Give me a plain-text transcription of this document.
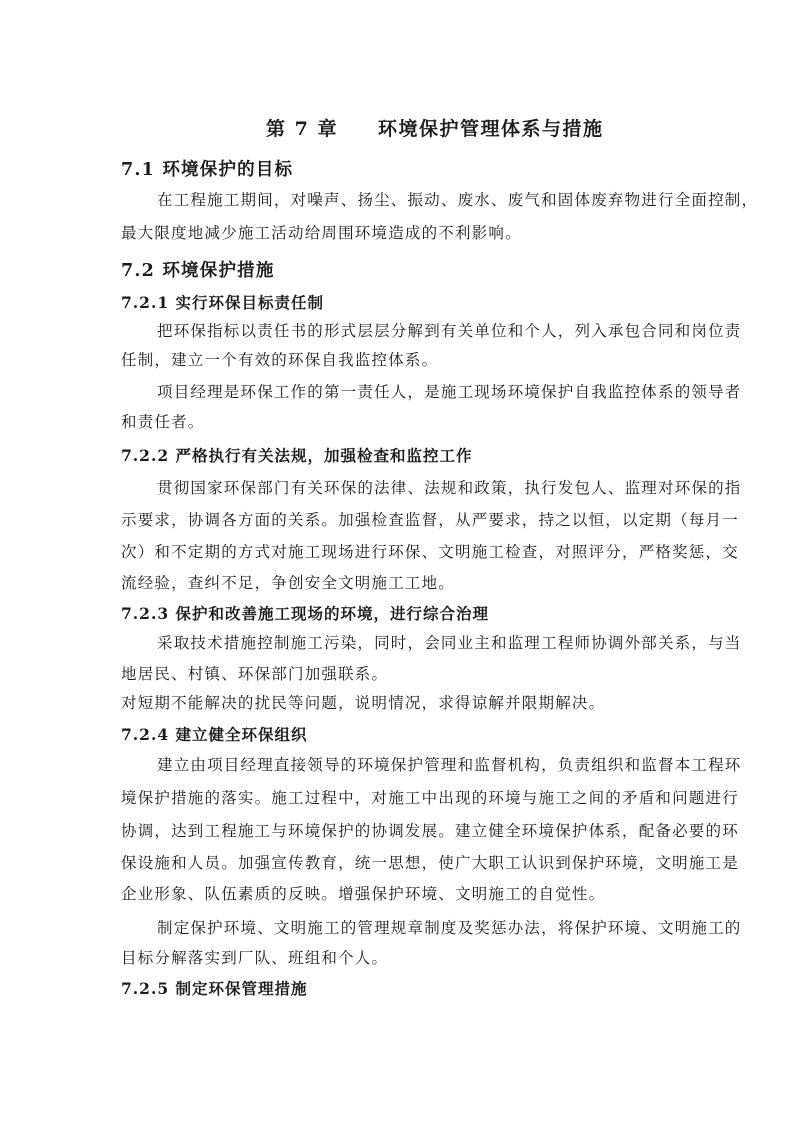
第 7 章 环境保护管理体系与措施
7.1 环境保护的目标
在工程施工期间，对噪声、扬尘、振动、废水、废气和固体废弃物进行全面控制，
最大限度地减少施工活动给周围环境造成的不利影响。
7.2 环境保护措施
7.2.1 实行环保目标责任制
把环保指标以责任书的形式层层分解到有关单位和个人，列入承包合同和岗位责
任制，建立一个有效的环保自我监控体系。
项目经理是环保工作的第一责任人，是施工现场环境保护自我监控体系的领导者
和责任者。
7.2.2 严格执行有关法规，加强检查和监控工作
贯彻国家环保部门有关环保的法律、法规和政策，执行发包人、监理对环保的指
示要求，协调各方面的关系。加强检查监督，从严要求，持之以恒，以定期（每月一
次）和不定期的方式对施工现场进行环保、文明施工检查，对照评分，严格奖惩，交
流经验，查纠不足，争创安全文明施工工地。
7.2.3 保护和改善施工现场的环境，进行综合治理
采取技术措施控制施工污染，同时，会同业主和监理工程师协调外部关系，与当
地居民、村镇、环保部门加强联系。
对短期不能解决的扰民等问题，说明情况，求得谅解并限期解决。
7.2.4 建立健全环保组织
建立由项目经理直接领导的环境保护管理和监督机构，负责组织和监督本工程环
境保护措施的落实。施工过程中，对施工中出现的环境与施工之间的矛盾和问题进行
协调，达到工程施工与环境保护的协调发展。建立健全环境保护体系，配备必要的环
保设施和人员。加强宣传教育，统一思想，使广大职工认识到保护环境，文明施工是
企业形象、队伍素质的反映。增强保护环境、文明施工的自觉性。
制定保护环境、文明施工的管理规章制度及奖惩办法，将保护环境、文明施工的
目标分解落实到厂队、班组和个人。
7.2.5 制定环保管理措施
